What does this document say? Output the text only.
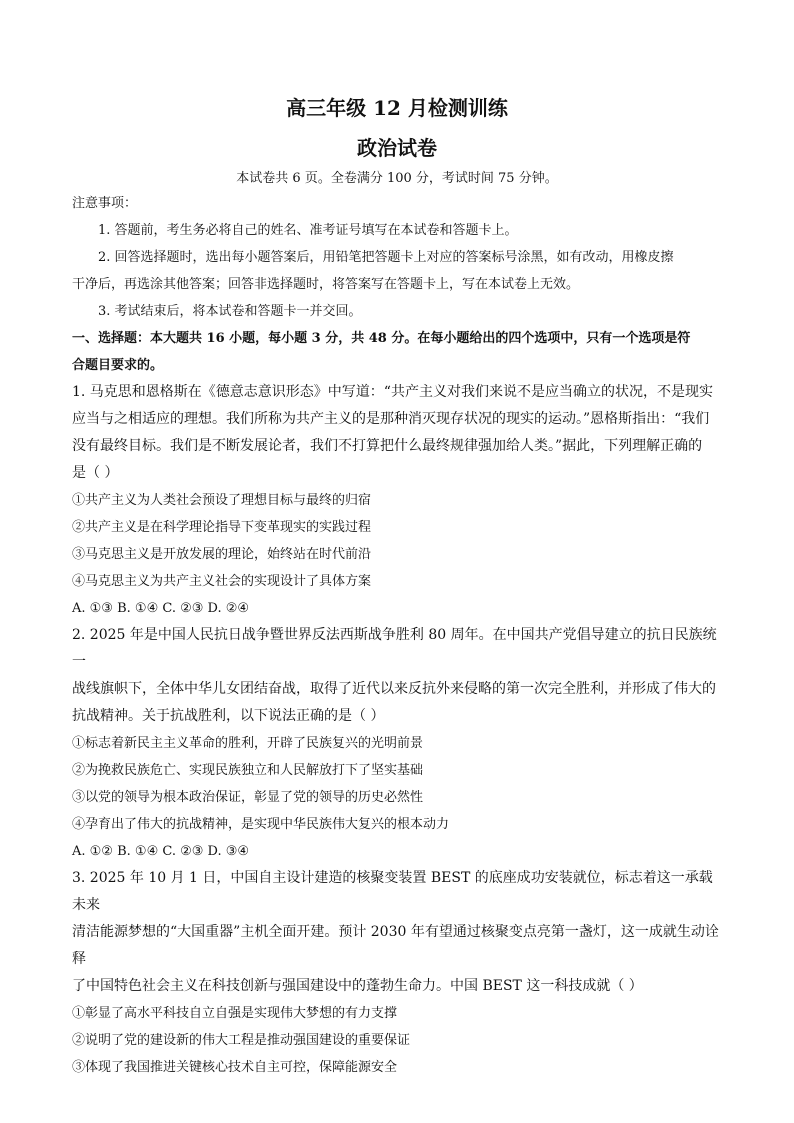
高三年级 12 月检测训练
政治试卷
本试卷共 6 页。全卷满分 100 分，考试时间 75 分钟。
注意事项：
1. 答题前，考生务必将自己的姓名、准考证号填写在本试卷和答题卡上。
2. 回答选择题时，选出每小题答案后，用铅笔把答题卡上对应的答案标号涂黑，如有改动，用橡皮擦
干净后，再选涂其他答案；回答非选择题时，将答案写在答题卡上，写在本试卷上无效。
3. 考试结束后，将本试卷和答题卡一并交回。
一、选择题：本大题共 16 小题，每小题 3 分，共 48 分。在每小题给出的四个选项中，只有一个选项是符
合题目要求的。
1. 马克思和恩格斯在《德意志意识形态》中写道：“共产主义对我们来说不是应当确立的状况，不是现实
应当与之相适应的理想。我们所称为共产主义的是那种消灭现存状况的现实的运动。”恩格斯指出：“我们
没有最终目标。我们是不断发展论者，我们不打算把什么最终规律强加给人类。”据此，下列理解正确的
是（ ）
①共产主义为人类社会预设了理想目标与最终的归宿
②共产主义是在科学理论指导下变革现实的实践过程
③马克思主义是开放发展的理论，始终站在时代前沿
④马克思主义为共产主义社会的实现设计了具体方案
A. ①③ B. ①④ C. ②③ D. ②④
2. 2025 年是中国人民抗日战争暨世界反法西斯战争胜利 80 周年。在中国共产党倡导建立的抗日民族统一
战线旗帜下，全体中华儿女团结奋战，取得了近代以来反抗外来侵略的第一次完全胜利，并形成了伟大的
抗战精神。关于抗战胜利，以下说法正确的是（ ）
①标志着新民主主义革命的胜利，开辟了民族复兴的光明前景
②为挽救民族危亡、实现民族独立和人民解放打下了坚实基础
③以党的领导为根本政治保证，彰显了党的领导的历史必然性
④孕育出了伟大的抗战精神，是实现中华民族伟大复兴的根本动力
A. ①② B. ①④ C. ②③ D. ③④
3. 2025 年 10 月 1 日，中国自主设计建造的核聚变装置 BEST 的底座成功安装就位，标志着这一承载未来
清洁能源梦想的“大国重器”主机全面开建。预计 2030 年有望通过核聚变点亮第一盏灯，这一成就生动诠释
了中国特色社会主义在科技创新与强国建设中的蓬勃生命力。中国 BEST 这一科技成就（ ）
①彰显了高水平科技自立自强是实现伟大梦想的有力支撑
②说明了党的建设新的伟大工程是推动强国建设的重要保证
③体现了我国推进关键核心技术自主可控，保障能源安全
